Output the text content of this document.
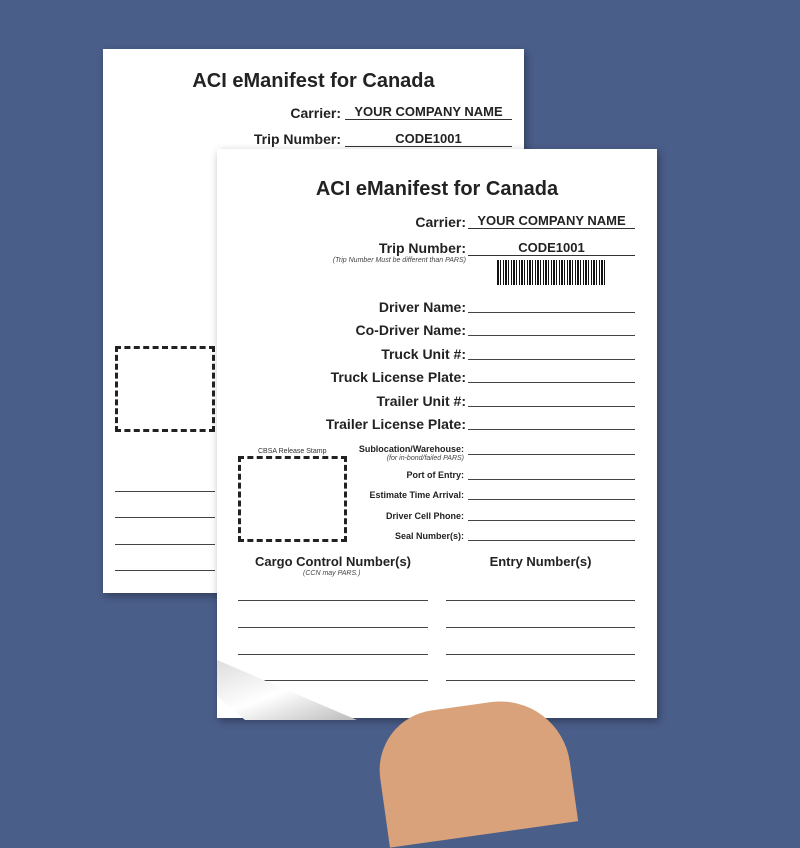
ACI eManifest for Canada
Carrier:	YOUR COMPANY NAME
Trip Number:	CODE1001
ACI eManifest for Canada
Carrier: YOUR COMPANY NAME
Trip Number:	CODE1001
(Trip Number Must be different than PARS)
Driver Name:
Co-Driver Name:
Truck Unit #:
Truck License Plate:
Trailer Unit #:
Trailer License Plate:
CBSA Release Stamp	Sublocation/Warehouse:
(for in-bond/failed PARS)
Port of Entry:
Estimate Time Arrival:
Driver Cell Phone:
Seal Number(s):
Cargo Control Number(s)
(CCN may PARS.)
Entry Number(s)
